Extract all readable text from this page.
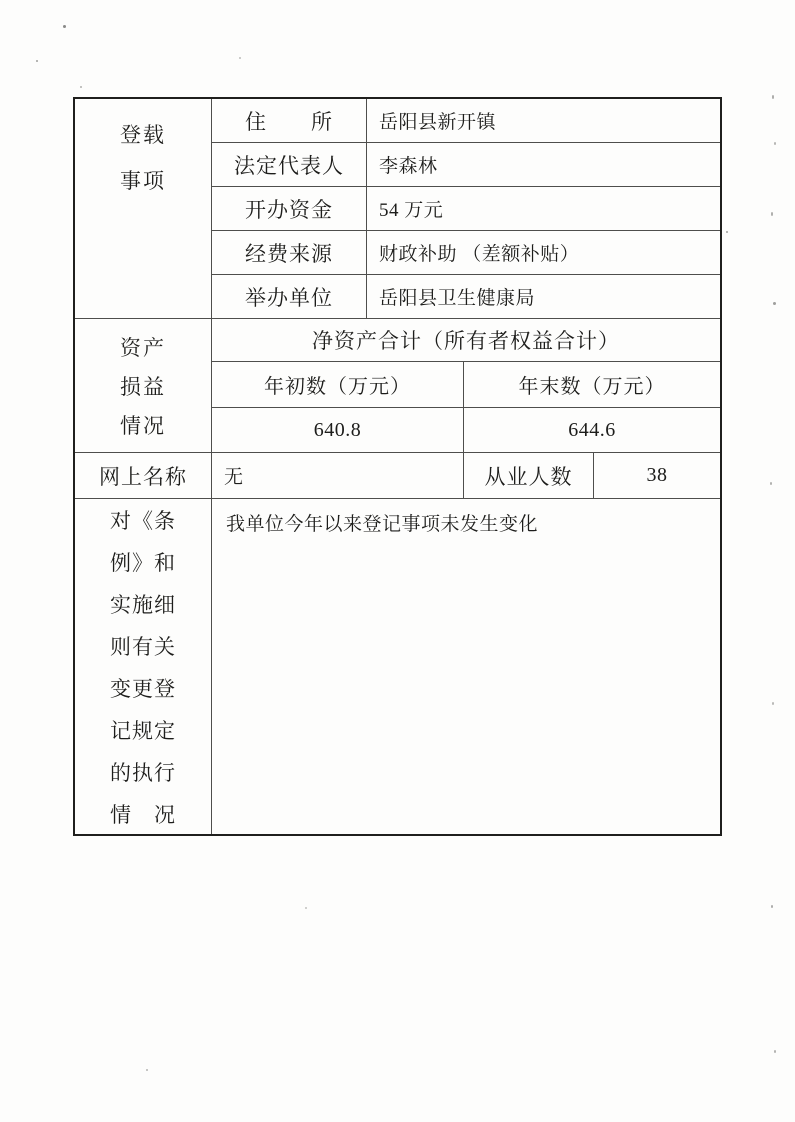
登载
事项
住　　所	岳阳县新开镇
法定代表人	李森林
开办资金	54 万元
经费来源	财政补助 （差额补贴）
举办单位	岳阳县卫生健康局
资产
损益
情况
净资产合计（所有者权益合计）
年初数（万元）	年末数（万元）
640.8	644.6
网上名称	无	从业人数	38
对《条
例》和
实施细
则有关
变更登
记规定
的执行
情　况
我单位今年以来登记事项未发生变化
